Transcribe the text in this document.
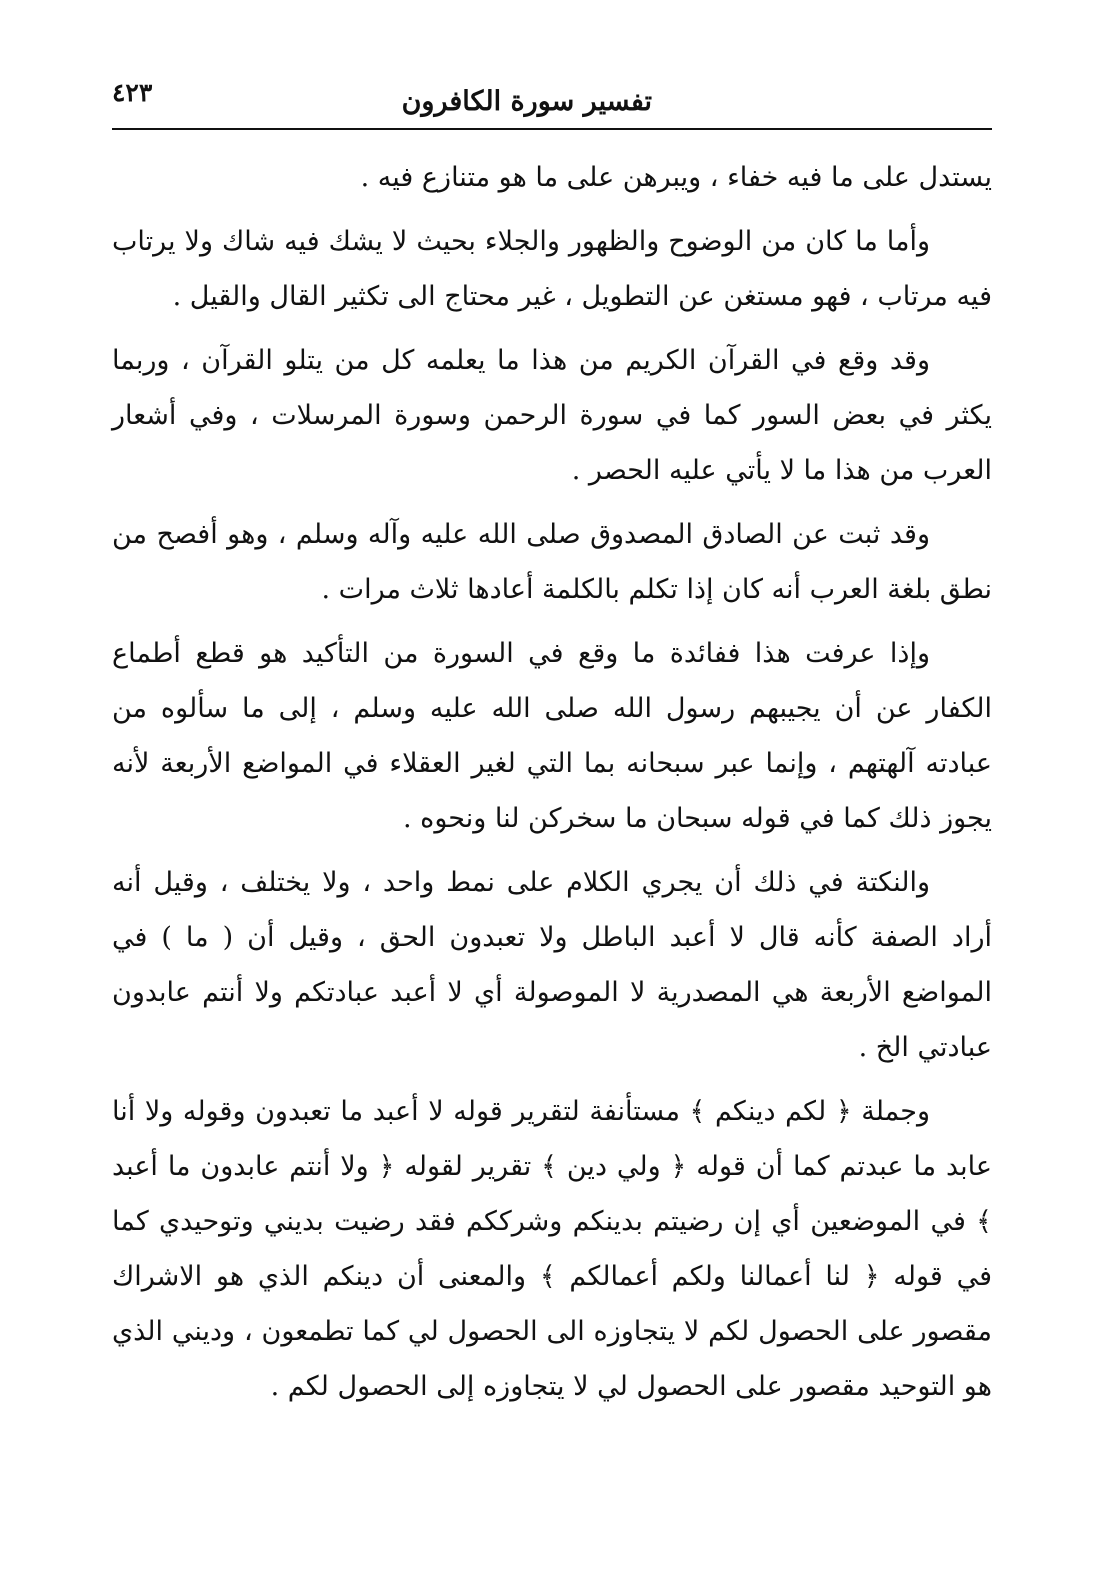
تفسير سورة الكافرون
٤٢٣

يستدل على ما فيه خفاء ، ويبرهن على ما هو متنازع فيه .

وأما ما كان من الوضوح والظهور والجلاء بحيث لا يشك فيه شاك ولا يرتاب فيه مرتاب ، فهو مستغن عن التطويل ، غير محتاج الى تكثير القال والقيل .

وقد وقع في القرآن الكريم من هذا ما يعلمه كل من يتلو القرآن ، وربما يكثر في بعض السور كما في سورة الرحمن وسورة المرسلات ، وفي أشعار العرب من هذا ما لا يأتي عليه الحصر .

وقد ثبت عن الصادق المصدوق صلى الله عليه وآله وسلم ، وهو أفصح من نطق بلغة العرب أنه كان إذا تكلم بالكلمة أعادها ثلاث مرات .

وإذا عرفت هذا ففائدة ما وقع في السورة من التأكيد هو قطع أطماع الكفار عن أن يجيبهم رسول الله صلى الله عليه وسلم ، إلى ما سألوه من عبادته آلهتهم ، وإنما عبر سبحانه بما التي لغير العقلاء في المواضع الأربعة لأنه يجوز ذلك كما في قوله سبحان ما سخركن لنا ونحوه .

والنكتة في ذلك أن يجري الكلام على نمط واحد ، ولا يختلف ، وقيل أنه أراد الصفة كأنه قال لا أعبد الباطل ولا تعبدون الحق ، وقيل أن ( ما ) في المواضع الأربعة هي المصدرية لا الموصولة أي لا أعبد عبادتكم ولا أنتم عابدون عبادتي الخ .

وجملة ﴿ لكم دينكم ﴾ مستأنفة لتقرير قوله لا أعبد ما تعبدون وقوله ولا أنا عابد ما عبدتم كما أن قوله ﴿ ولي دين ﴾ تقرير لقوله ﴿ ولا أنتم عابدون ما أعبد ﴾ في الموضعين أي إن رضيتم بدينكم وشرككم فقد رضيت بديني وتوحيدي كما في قوله ﴿ لنا أعمالنا ولكم أعمالكم ﴾ والمعنى أن دينكم الذي هو الاشراك مقصور على الحصول لكم لا يتجاوزه الى الحصول لي كما تطمعون ، وديني الذي هو التوحيد مقصور على الحصول لي لا يتجاوزه إلى الحصول لكم .
